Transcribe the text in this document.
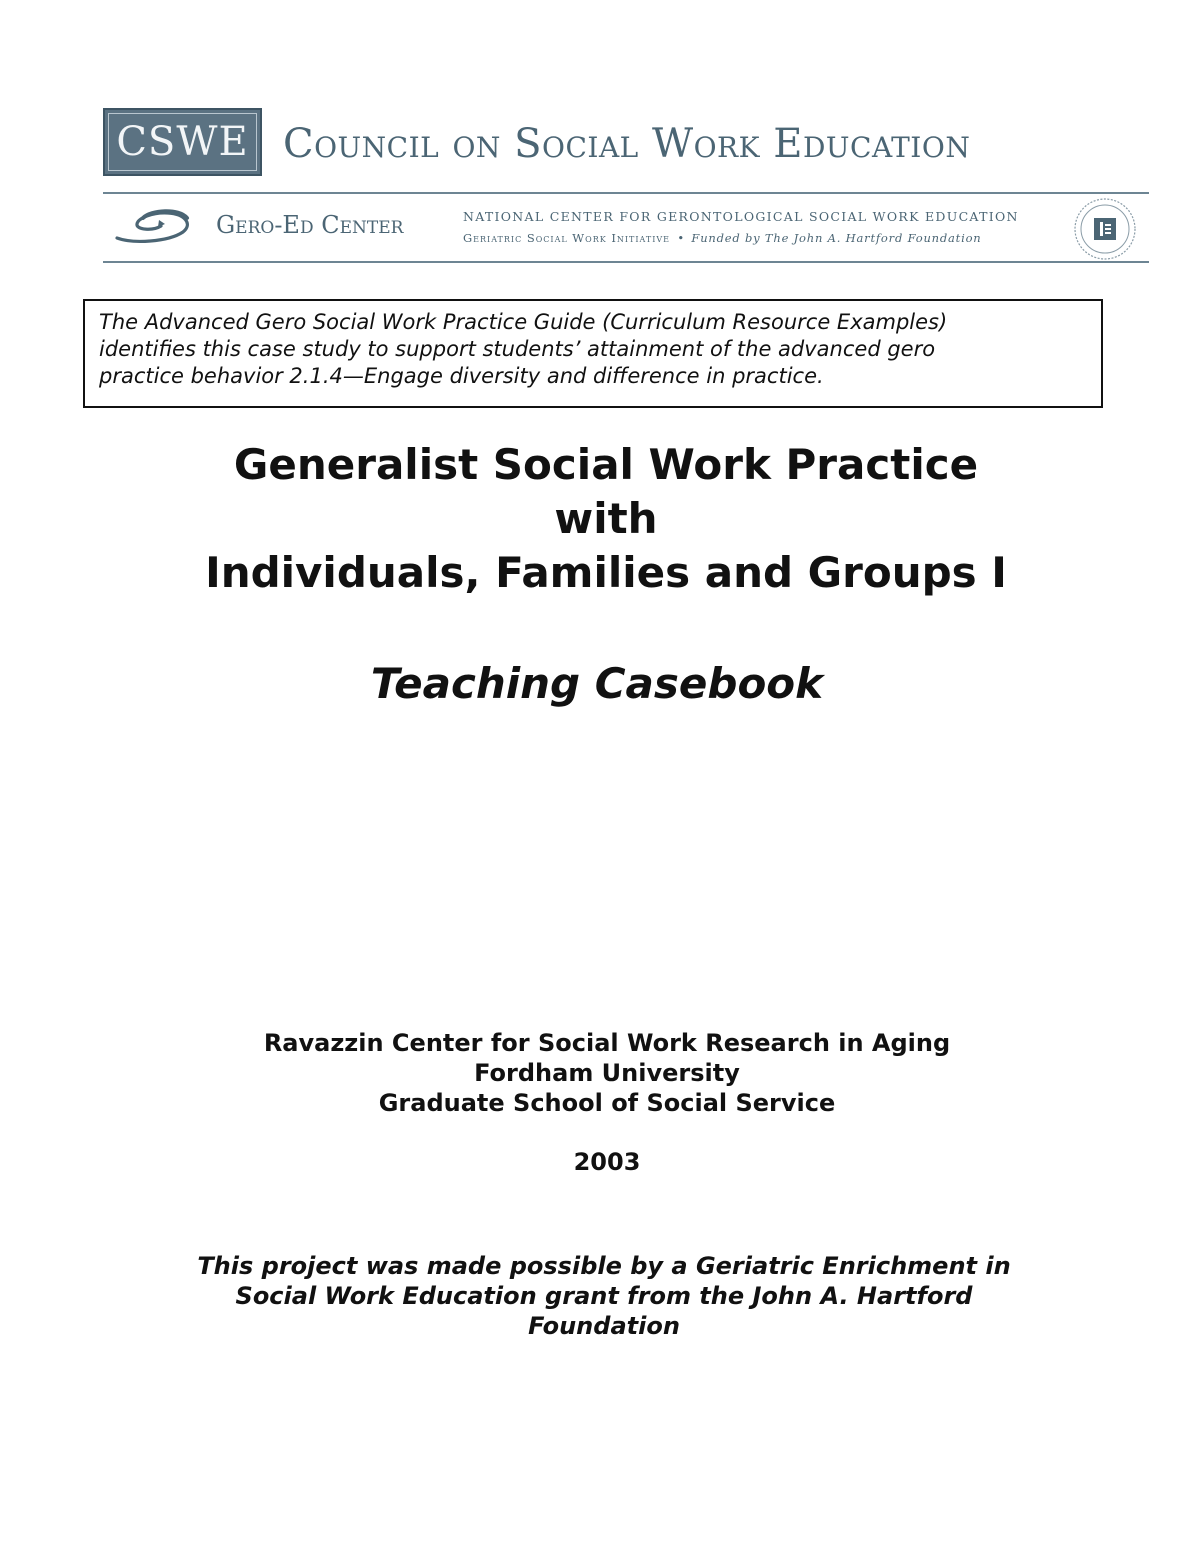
CSWE Council on Social Work Education
Gero-Ed Center	NATIONAL CENTER FOR GERONTOLOGICAL SOCIAL WORK EDUCATION
Geriatric Social Work Initiative • Funded by The John A. Hartford Foundation
The Advanced Gero Social Work Practice Guide (Curriculum Resource Examples)
identifies this case study to support students’ attainment of the advanced gero
practice behavior 2.1.4—Engage diversity and difference in practice.
Generalist Social Work Practice
with
Individuals, Families and Groups I
Teaching Casebook
Ravazzin Center for Social Work Research in Aging
Fordham University
Graduate School of Social Service
2003
This project was made possible by a Geriatric Enrichment in
Social Work Education grant from the John A. Hartford
Foundation
